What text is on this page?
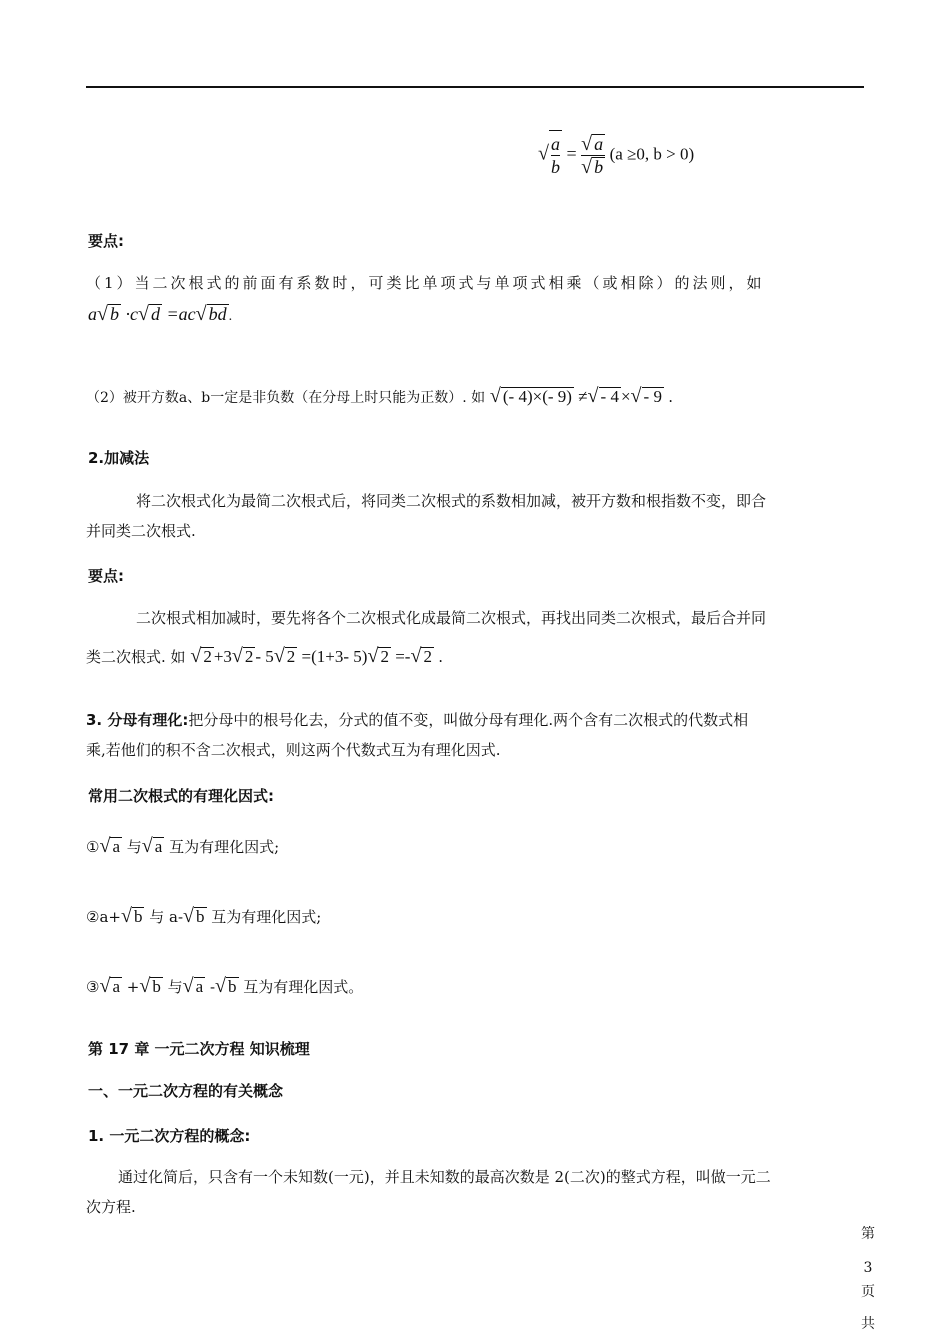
√ $\frac{a}{b} = \frac{√ a}{√ b} (a \ge 0$, b > 0)
要点:
（1）当二次根式的前面有系数时，可类比单项式与单项式相乘（或相除）的法则，如
a√ b ·c√ d =ac√ bd .
（2）被开方数a、b一定是非负数（在分母上时只能为正数）. 如 √ (- 4)×(- 9) ≠√ - 4 ×√ - 9 .
2.加减法
将二次根式化为最简二次根式后，将同类二次根式的系数相加减，被开方数和根指数不变，即合
并同类二次根式.
要点:
二次根式相加减时，要先将各个二次根式化成最简二次根式，再找出同类二次根式，最后合并同
类二次根式. 如 √ 2 +3√ 2 - 5√ 2 =(1+3- 5)√ 2 =-√ 2 .
3. 分母有理化:把分母中的根号化去，分式的值不变，叫做分母有理化.两个含有二次根式的代数式相
乘,若他们的积不含二次根式，则这两个代数式互为有理化因式.
常用二次根式的有理化因式:
①√ a 与√ a 互为有理化因式;
②a+√ b 与 a-√ b 互为有理化因式;
③√ a +√ b 与√ a -√ b 互为有理化因式。
第 17 章 一元二次方程 知识梳理
一、一元二次方程的有关概念
1. 一元二次方程的概念:
通过化简后，只含有一个未知数(一元)，并且未知数的最高次数是 2(二次)的整式方程，叫做一元二
次方程.
第
3
页
共
